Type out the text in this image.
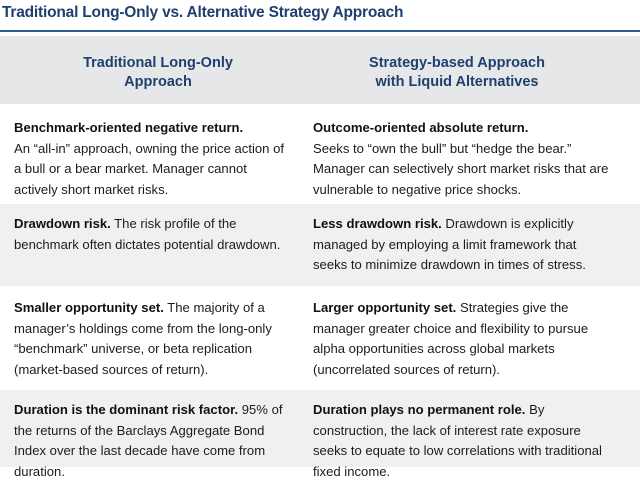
Traditional Long-Only vs. Alternative Strategy Approach
Traditional Long-Only
Approach
Strategy-based Approach
with Liquid Alternatives
Benchmark-oriented negative return.
An “all-in” approach, owning the price action of a bull or a bear market. Manager cannot actively short market risks.
Outcome-oriented absolute return.
Seeks to “own the bull” but “hedge the bear.” Manager can selectively short market risks that are vulnerable to negative price shocks.
Drawdown risk. The risk profile of the benchmark often dictates potential drawdown.
Less drawdown risk. Drawdown is explicitly managed by employing a limit framework that seeks to minimize drawdown in times of stress.
Smaller opportunity set. The majority of a manager’s holdings come from the long-only “benchmark” universe, or beta replication (market-based sources of return).
Larger opportunity set. Strategies give the manager greater choice and flexibility to pursue alpha opportunities across global markets (uncorrelated sources of return).
Duration is the dominant risk factor. 95% of the returns of the Barclays Aggregate Bond Index over the last decade have come from duration.
Duration plays no permanent role. By construction, the lack of interest rate exposure seeks to equate to low correlations with traditional fixed income.
